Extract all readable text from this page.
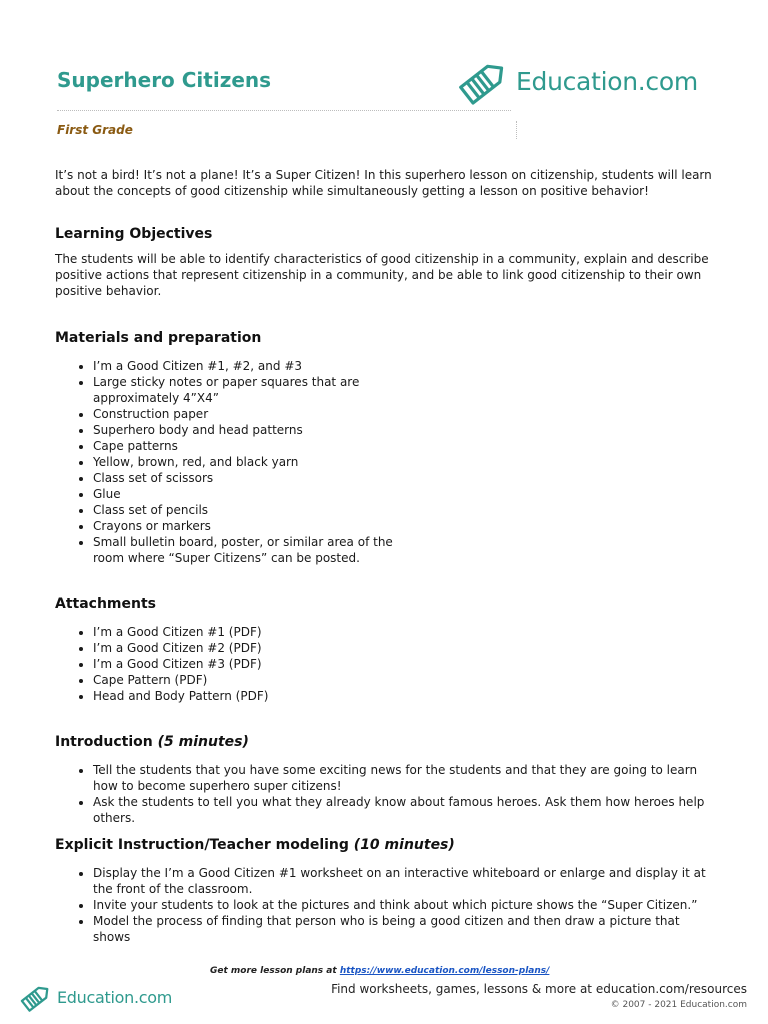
Superhero Citizens	Education.com
First Grade

It’s not a bird! It’s not a plane! It’s a Super Citizen! In this superhero lesson on citizenship, students will learn about the concepts of good citizenship while simultaneously getting a lesson on positive behavior!

Learning Objectives

The students will be able to identify characteristics of good citizenship in a community, explain and describe positive actions that represent citizenship in a community, and be able to link good citizenship to their own positive behavior.

Materials and preparation
• I’m a Good Citizen #1, #2, and #3
• Large sticky notes or paper squares that are approximately 4”X4”
• Construction paper
• Superhero body and head patterns
• Cape patterns
• Yellow, brown, red, and black yarn
• Class set of scissors
• Glue
• Class set of pencils
• Crayons or markers
• Small bulletin board, poster, or similar area of the room where “Super Citizens” can be posted.
Attachments
• I’m a Good Citizen #1 (PDF)
• I’m a Good Citizen #2 (PDF)
• I’m a Good Citizen #3 (PDF)
• Cape Pattern (PDF)
• Head and Body Pattern (PDF)
Introduction (5 minutes)
• Tell the students that you have some exciting news for the students and that they are going to learn how to become superhero super citizens!
• Ask the students to tell you what they already know about famous heroes. Ask them how heroes help others.
Explicit Instruction/Teacher modeling (10 minutes)
• Display the I’m a Good Citizen #1 worksheet on an interactive whiteboard or enlarge and display it at the front of the classroom.
• Invite your students to look at the pictures and think about which picture shows the “Super Citizen.”
• Model the process of finding that person who is being a good citizen and then draw a picture that shows
Get more lesson plans at https://www.education.com/lesson-plans/
Education.com	Find worksheets, games, lessons & more at education.com/resources
© 2007 - 2021 Education.com
